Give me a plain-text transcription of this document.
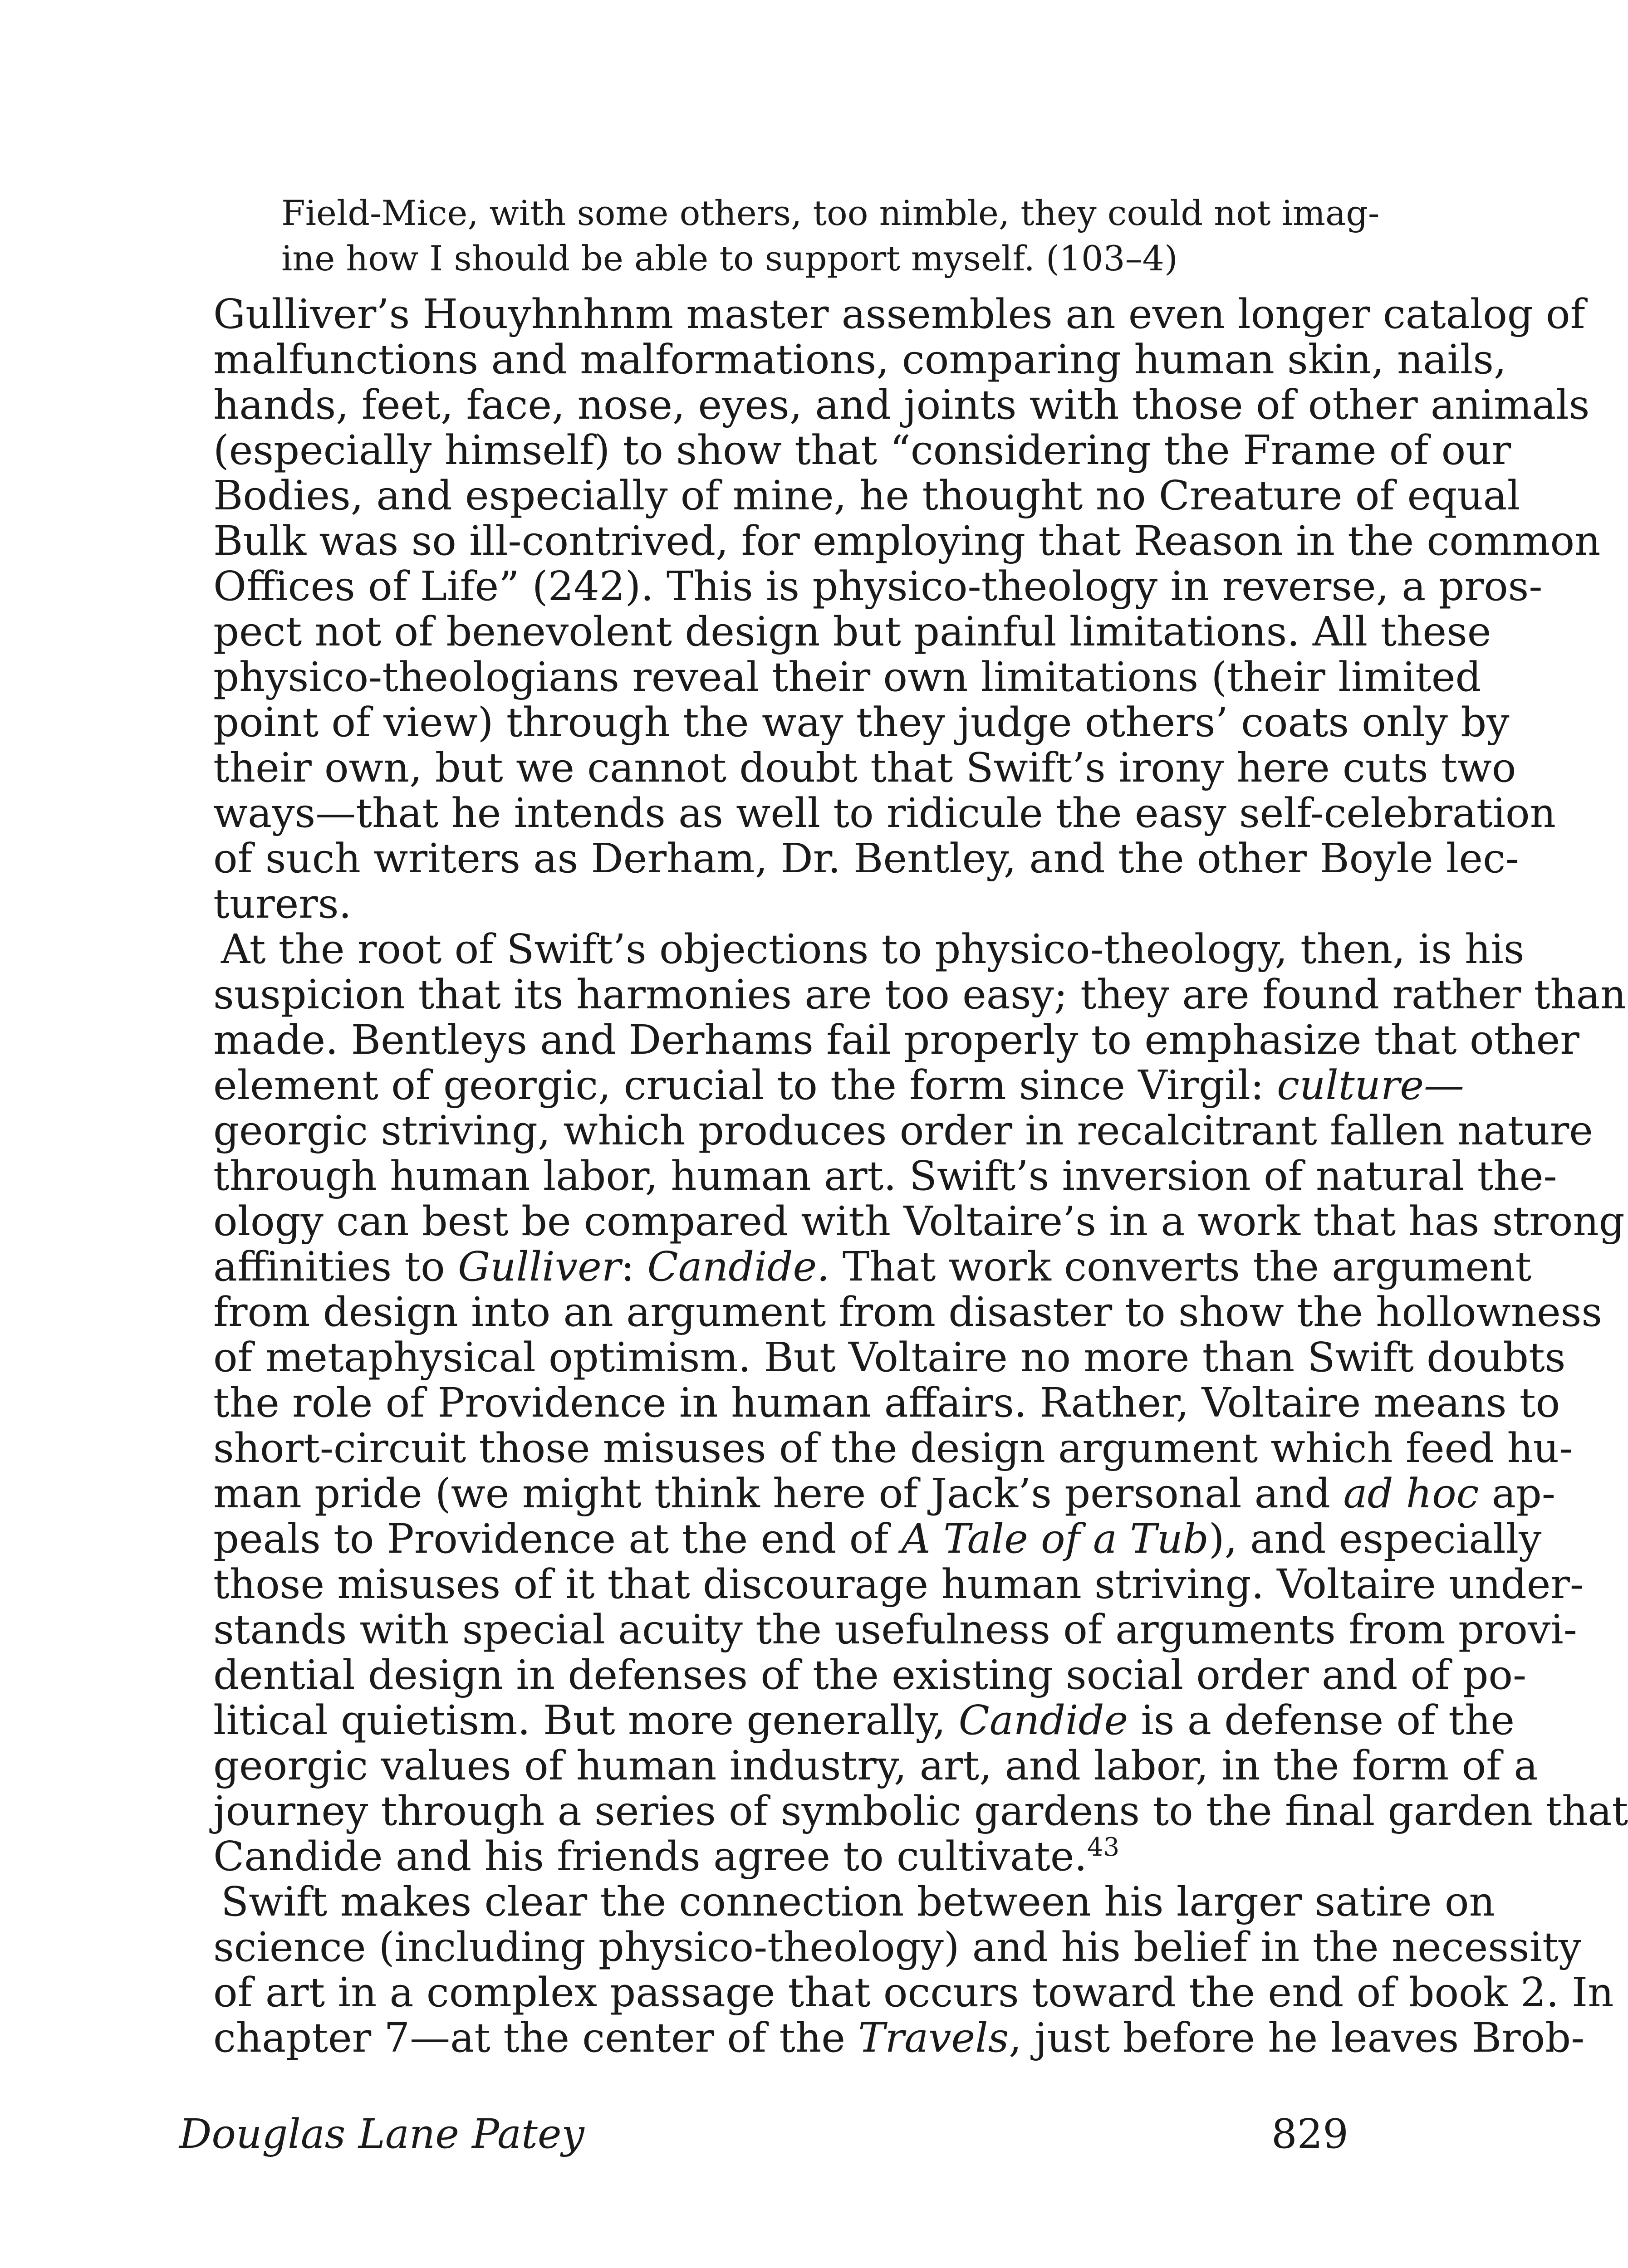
Field-Mice, with some others, too nimble, they could not imag-
ine how I should be able to support myself. (103–4)
Gulliver’s Houyhnhnm master assembles an even longer catalog of
malfunctions and malformations, comparing human skin, nails,
hands, feet, face, nose, eyes, and joints with those of other animals
(especially himself) to show that “considering the Frame of our
Bodies, and especially of mine, he thought no Creature of equal
Bulk was so ill-contrived, for employing that Reason in the common
Offices of Life” (242). This is physico-theology in reverse, a pros-
pect not of benevolent design but painful limitations. All these
physico-theologians reveal their own limitations (their limited
point of view) through the way they judge others’ coats only by
their own, but we cannot doubt that Swift’s irony here cuts two
ways—that he intends as well to ridicule the easy self-celebration
of such writers as Derham, Dr. Bentley, and the other Boyle lec-
turers.
At the root of Swift’s objections to physico-theology, then, is his
suspicion that its harmonies are too easy; they are found rather than
made. Bentleys and Derhams fail properly to emphasize that other
element of georgic, crucial to the form since Virgil: culture—
georgic striving, which produces order in recalcitrant fallen nature
through human labor, human art. Swift’s inversion of natural the-
ology can best be compared with Voltaire’s in a work that has strong
affinities to Gulliver: Candide. That work converts the argument
from design into an argument from disaster to show the hollowness
of metaphysical optimism. But Voltaire no more than Swift doubts
the role of Providence in human affairs. Rather, Voltaire means to
short-circuit those misuses of the design argument which feed hu-
man pride (we might think here of Jack’s personal and ad hoc ap-
peals to Providence at the end of A Tale of a Tub), and especially
those misuses of it that discourage human striving. Voltaire under-
stands with special acuity the usefulness of arguments from provi-
dential design in defenses of the existing social order and of po-
litical quietism. But more generally, Candide is a defense of the
georgic values of human industry, art, and labor, in the form of a
journey through a series of symbolic gardens to the final garden that
Candide and his friends agree to cultivate.$^{43}$
Swift makes clear the connection between his larger satire on
science (including physico-theology) and his belief in the necessity
of art in a complex passage that occurs toward the end of book 2. In
chapter 7—at the center of the Travels, just before he leaves Brob-
Douglas Lane Patey	829
